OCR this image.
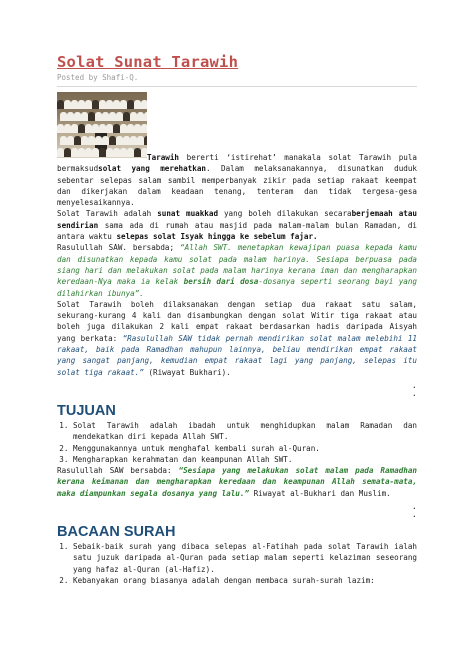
Solat Sunat Tarawih
Posted by Shafi-Q.

Tarawih bererti ‘istirehat’ manakala solat Tarawih pula bermaksudsolat yang merehatkan. Dalam melaksanakannya, disunatkan duduk sebentar selepas salam sambil memperbanyak zikir pada setiap rakaat keempat dan dikerjakan dalam keadaan tenang, tenteram dan tidak tergesa-gesa menyelesaikannya.

Solat Tarawih adalah sunat muakkad yang boleh dilakukan secaraberjemaah atau sendirian sama ada di rumah atau masjid pada malam-malam bulan Ramadan, di antara waktu selepas solat Isyak hingga ke sebelum fajar.

Rasulullah SAW. bersabda; “Allah SWT. menetapkan kewajipan puasa kepada kamu dan disunatkan kepada kamu solat pada malam harinya. Sesiapa berpuasa pada siang hari dan melakukan solat pada malam harinya kerana iman dan mengharapkan keredaan-Nya maka ia kelak bersih dari dosa-dosanya seperti seorang bayi yang dilahirkan ibunya”.

Solat Tarawih boleh dilaksanakan dengan setiap dua rakaat satu salam, sekurang-kurang 4 kali dan disambungkan dengan solat Witir tiga rakaat atau boleh juga dilakukan 2 kali empat rakaat berdasarkan hadis daripada Aisyah yang berkata: “Rasulullah SAW tidak pernah mendirikan solat malam melebihi 11 rakaat, baik pada Ramadhan mahupun lainnya, beliau mendirikan empat rakaat yang sangat panjang, kemudian empat rakaat lagi yang panjang, selepas itu solat tiga rakaat.” (Riwayat Bukhari).

.
.
TUJUAN
1. Solat Tarawih adalah ibadah untuk menghidupkan malam Ramadan dan mendekatkan diri kepada Allah SWT.
2. Menggunakannya untuk menghafal kembali surah al-Quran.
3. Mengharapkan kerahmatan dan keampunan Allah SWT.

Rasulullah SAW bersabda: “Sesiapa yang melakukan solat malam pada Ramadhan kerana keimanan dan mengharapkan keredaan dan keampunan Allah semata-mata, maka diampunkan segala dosanya yang lalu.” Riwayat al-Bukhari dan Muslim.

.
.
BACAAN SURAH
1. Sebaik-baik surah yang dibaca selepas al-Fatihah pada solat Tarawih ialah satu juzuk daripada al-Quran pada setiap malam seperti kelaziman seseorang yang hafaz al-Quran (al-Hafiz).
2. Kebanyakan orang biasanya adalah dengan membaca surah-surah lazim:
